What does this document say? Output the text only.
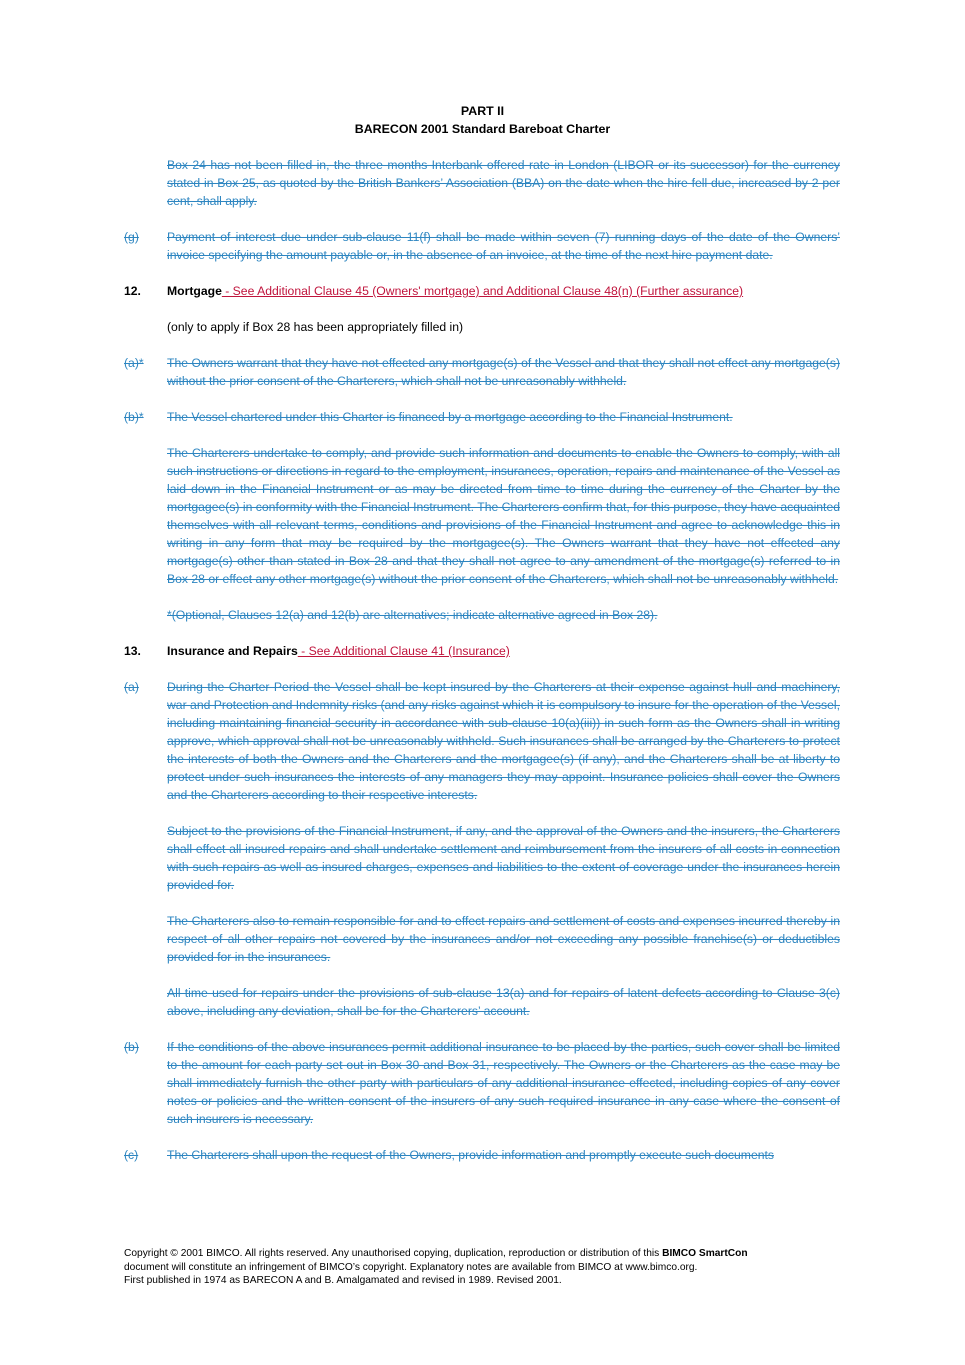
PART II
BARECON 2001 Standard Bareboat Charter
Box 24 has not been filled in, the three months Interbank offered rate in London (LIBOR or its successor) for the currency stated in Box 25, as quoted by the British Bankers’ Association (BBA) on the date when the hire fell due, increased by 2 per cent, shall apply.
(g) Payment of interest due under sub-clause 11(f) shall be made within seven (7) running days of the date of the Owners’ invoice specifying the amount payable or, in the absence of an invoice, at the time of the next hire payment date.
12. Mortgage - See Additional Clause 45 (Owners' mortgage) and Additional Clause 48(n) (Further assurance)
(only to apply if Box 28 has been appropriately filled in)
(a)* The Owners warrant that they have not effected any mortgage(s) of the Vessel and that they shall not effect any mortgage(s) without the prior consent of the Charterers, which shall not be unreasonably withheld.
(b)* The Vessel chartered under this Charter is financed by a mortgage according to the Financial Instrument.
The Charterers undertake to comply, and provide such information and documents to enable the Owners to comply, with all such instructions or directions in regard to the employment, insurances, operation, repairs and maintenance of the Vessel as laid down in the Financial Instrument or as may be directed from time to time during the currency of the Charter by the mortgagee(s) in conformity with the Financial Instrument. The Charterers confirm that, for this purpose, they have acquainted themselves with all relevant terms, conditions and provisions of the Financial Instrument and agree to acknowledge this in writing in any form that may be required by the mortgagee(s). The Owners warrant that they have not effected any mortgage(s) other than stated in Box 28 and that they shall not agree to any amendment of the mortgage(s) referred to in Box 28 or effect any other mortgage(s) without the prior consent of the Charterers, which shall not be unreasonably withheld.
*(Optional, Clauses 12(a) and 12(b) are alternatives; indicate alternative agreed in Box 28).
13. Insurance and Repairs - See Additional Clause 41 (Insurance)
(a) During the Charter Period the Vessel shall be kept insured by the Charterers at their expense against hull and machinery, war and Protection and Indemnity risks (and any risks against which it is compulsory to insure for the operation of the Vessel, including maintaining financial security in accordance with sub-clause 10(a)(iii)) in such form as the Owners shall in writing approve, which approval shall not be unreasonably withheld. Such insurances shall be arranged by the Charterers to protect the interests of both the Owners and the Charterers and the mortgagee(s) (if any), and the Charterers shall be at liberty to protect under such insurances the interests of any managers they may appoint. Insurance policies shall cover the Owners and the Charterers according to their respective interests.
Subject to the provisions of the Financial Instrument, if any, and the approval of the Owners and the insurers, the Charterers shall effect all insured repairs and shall undertake settlement and reimbursement from the insurers of all costs in connection with such repairs as well as insured charges, expenses and liabilities to the extent of coverage under the insurances herein provided for.
The Charterers also to remain responsible for and to effect repairs and settlement of costs and expenses incurred thereby in respect of all other repairs not covered by the insurances and/or not exceeding any possible franchise(s) or deductibles provided for in the insurances.
All time used for repairs under the provisions of sub-clause 13(a) and for repairs of latent defects according to Clause 3(c) above, including any deviation, shall be for the Charterers’ account.
(b) If the conditions of the above insurances permit additional insurance to be placed by the parties, such cover shall be limited to the amount for each party set out in Box 30 and Box 31, respectively. The Owners or the Charterers as the case may be shall immediately furnish the other party with particulars of any additional insurance effected, including copies of any cover notes or policies and the written consent of the insurers of any such required insurance in any case where the consent of such insurers is necessary.
(c) The Charterers shall upon the request of the Owners, provide information and promptly execute such documents
Copyright © 2001 BIMCO. All rights reserved. Any unauthorised copying, duplication, reproduction or distribution of this BIMCO SmartCon
document will constitute an infringement of BIMCO’s copyright. Explanatory notes are available from BIMCO at www.bimco.org.
First published in 1974 as BARECON A and B. Amalgamated and revised in 1989. Revised 2001.
